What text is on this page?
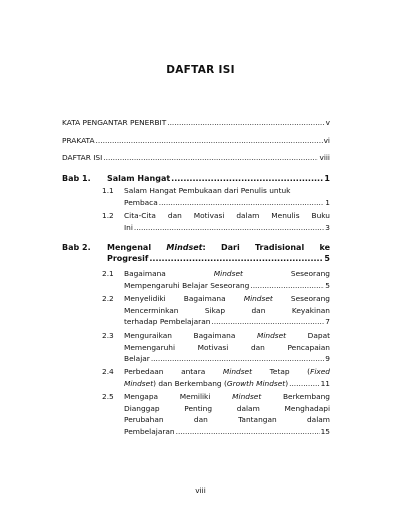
DAFTAR ISI
KATA PENGANTAR PENERBIT .....	v
PRAKATA .....	vi
DAFTAR ISI .....	viii
Bab 1. Salam Hangat .....	1
1.1 Salam Hangat Pembukaan dari Penulis untuk
Pembaca .....	1
1.2 Cita-Cita dan Motivasi dalam Menulis Buku
Ini .....	3
Bab 2. Mengenal Mindset: Dari Tradisional ke
Progresif .....	5
2.1 Bagaimana	Mindset	Seseorang
Mempengaruhi Belajar Seseorang .....	5
2.2 Menyelidiki Bagaimana Mindset Seseorang
Mencerminkan Sikap dan Keyakinan
terhadap Pembelajaran .....	7
2.3 Menguraikan Bagaimana	Mindset	Dapat
Memengaruhi Motivasi dan Pencapaian
Belajar .....	9
2.4 Perbedaan antara Mindset Tetap (Fixed
Mindset) dan Berkembang (Growth Mindset) .....	11
2.5 Mengapa Memiliki	Mindset	Berkembang
Dianggap Penting dalam Menghadapi
Perubahan dan Tantangan dalam
Pembelajaran .....	15
viii
